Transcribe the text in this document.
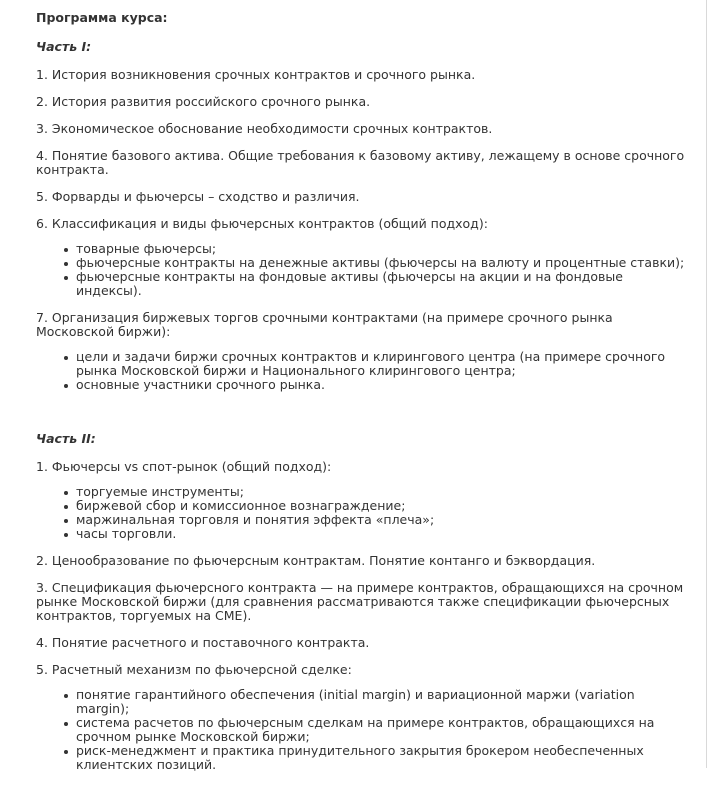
Программа курса:
Часть I:

1. История возникновения срочных контрактов и срочного рынка.

2. История развития российского срочного рынка.

3. Экономическое обоснование необходимости срочных контрактов.

4. Понятие базового актива. Общие требования к базовому активу, лежащему в основе срочного контракта.

5. Форварды и фьючерсы – сходство и различия.

6. Классификация и виды фьючерсных контрактов (общий подход):

товарные фьючерсы;
фьючерсные контракты на денежные активы (фьючерсы на валюту и процентные ставки);
фьючерсные контракты на фондовые активы (фьючерсы на акции и на фондовые индексы).

7. Организация биржевых торгов срочными контрактами (на примере срочного рынка Московской биржи):

цели и задачи биржи срочных контрактов и клирингового центра (на примере срочного рынка Московской биржи и Национального клирингового центра;
основные участники срочного рынка.
Часть II:

1. Фьючерсы vs спот-рынок (общий подход):

торгуемые инструменты;
биржевой сбор и комиссионное вознаграждение;
маржинальная торговля и понятия эффекта «плеча»;
часы торговли.

2. Ценообразование по фьючерсным контрактам. Понятие контанго и бэквордация.

3. Спецификация фьючерсного контракта — на примере контрактов, обращающихся на срочном рынке Московской биржи (для сравнения рассматриваются также спецификации фьючерсных контрактов, торгуемых на CME).

4. Понятие расчетного и поставочного контракта.

5. Расчетный механизм по фьючерсной сделке:

понятие гарантийного обеспечения (initial margin) и вариационной маржи (variation margin);
система расчетов по фьючерсным сделкам на примере контрактов, обращающихся на срочном рынке Московской биржи;
риск-менеджмент и практика принудительного закрытия брокером необеспеченных клиентских позиций.
